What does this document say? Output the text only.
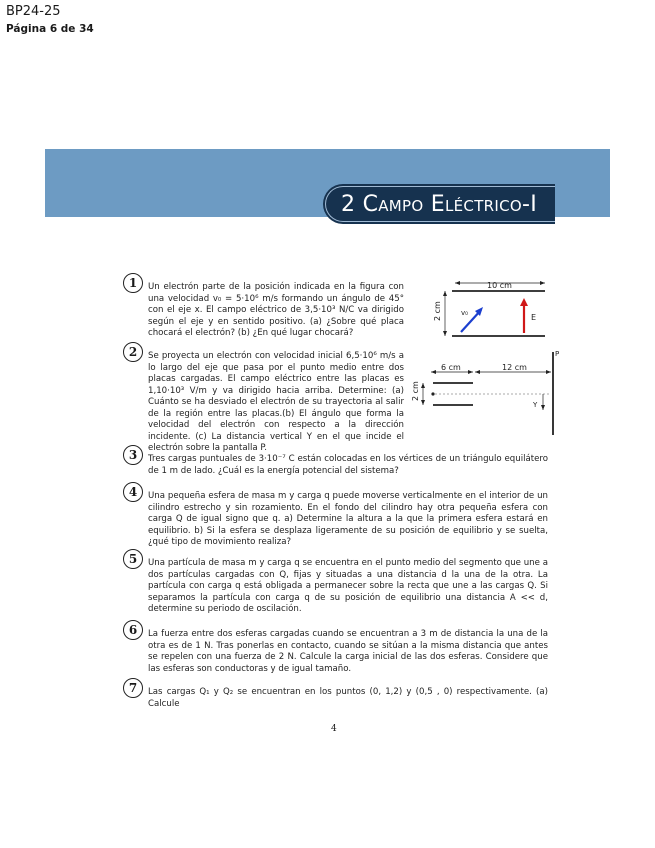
BP24-25
Página 6 de 34
2 Campo Eléctrico-I
1	Un electrón parte de la posición indicada en la figura con una velocidad v₀ = 5·10⁶ m/s formando un ángulo de 45° con el eje x. El campo eléctrico de 3,5·10³ N/C va dirigido según el eje y en sentido positivo. (a) ¿Sobre qué placa chocará el electrón? (b) ¿En qué lugar chocará?
10 cm
2 cm	v₀	E
2	Se proyecta un electrón con velocidad inicial 6,5·10⁶ m/s a lo largo del eje que pasa por el punto medio entre dos placas cargadas. El campo eléctrico entre las placas es 1,10·10³ V/m y va dirigido hacia arriba. Determine: (a) Cuánto se ha desviado el electrón de su trayectoria al salir de la región entre las placas.(b) El ángulo que forma la velocidad del electrón con respecto a la dirección incidente. (c) La distancia vertical Y en el que incide el electrón sobre la pantalla P.
6 cm	12 cm
P
2 cm
Y
3	Tres cargas puntuales de 3·10⁻⁷ C están colocadas en los vértices de un triángulo equilátero de 1 m de lado. ¿Cuál es la energía potencial del sistema?
4	Una pequeña esfera de masa m y carga q puede moverse verticalmente en el interior de un cilindro estrecho y sin rozamiento. En el fondo del cilindro hay otra pequeña esfera con carga Q de igual signo que q. a) Determine la altura a la que la primera esfera estará en equilibrio. b) Si la esfera se desplaza ligeramente de su posición de equilibrio y se suelta, ¿qué tipo de movimiento realiza?
5	Una partícula de masa m y carga q se encuentra en el punto medio del segmento que une a dos partículas cargadas con Q, fijas y situadas a una distancia d la una de la otra. La partícula con carga q está obligada a permanecer sobre la recta que une a las cargas Q. Si separamos la partícula con carga q de su posición de equilibrio una distancia A << d, determine su periodo de oscilación.
6	La fuerza entre dos esferas cargadas cuando se encuentran a 3 m de distancia la una de la otra es de 1 N. Tras ponerlas en contacto, cuando se sitúan a la misma distancia que antes se repelen con una fuerza de 2 N. Calcule la carga inicial de las dos esferas. Considere que las esferas son conductoras y de igual tamaño.
7	Las cargas Q₁ y Q₂ se encuentran en los puntos (0, 1,2) y (0,5 , 0) respectivamente. (a) Calcule
4
